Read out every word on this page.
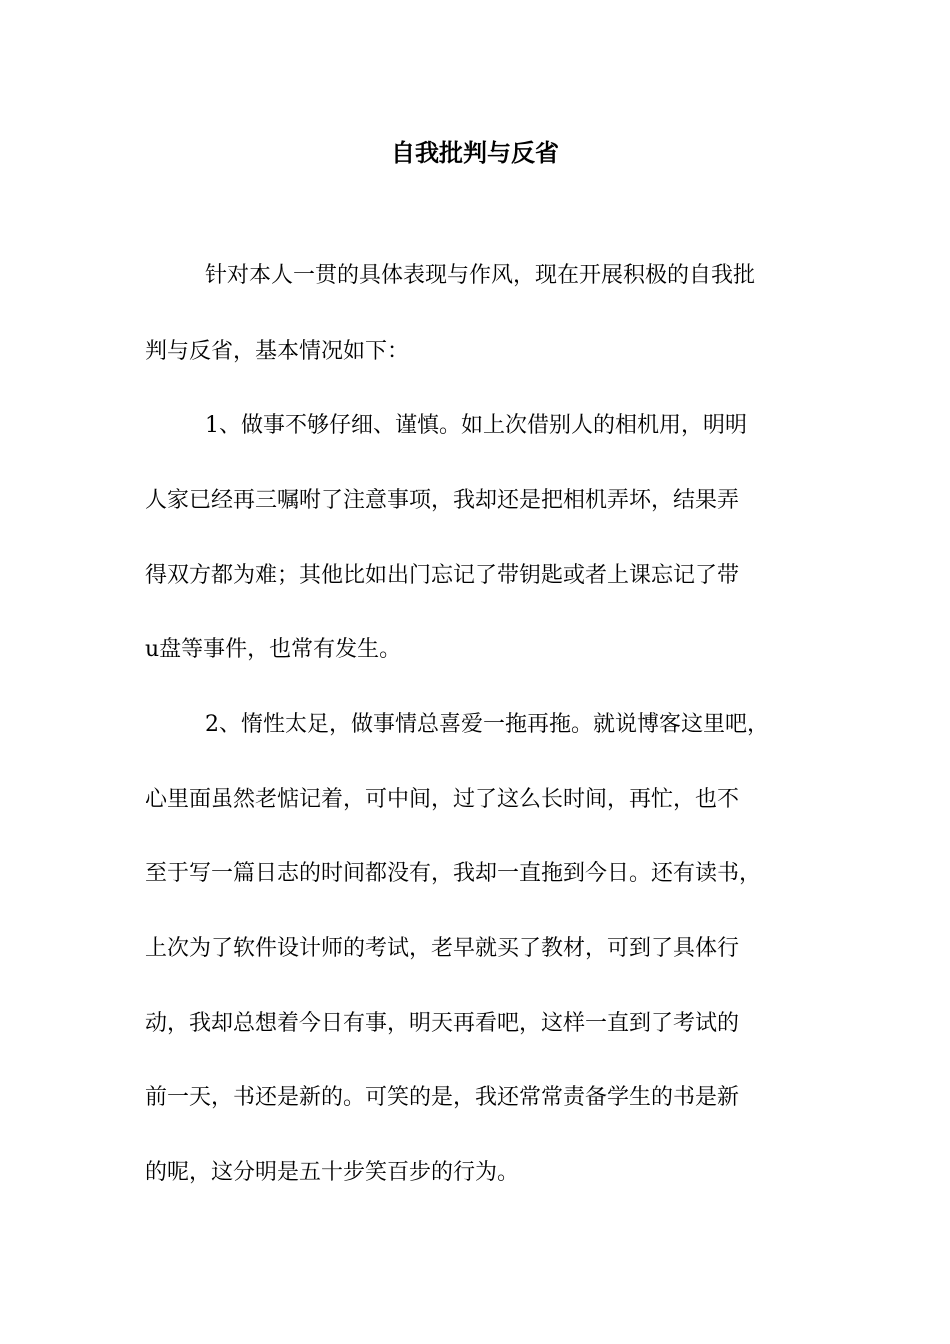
自我批判与反省

针对本人一贯的具体表现与作风，现在开展积极的自我批

判与反省，基本情况如下：

1、做事不够仔细、谨慎。如上次借别人的相机用，明明

人家已经再三嘱咐了注意事项，我却还是把相机弄坏，结果弄

得双方都为难；其他比如出门忘记了带钥匙或者上课忘记了带

u盘等事件，也常有发生。

2、惰性太足，做事情总喜爱一拖再拖。就说博客这里吧，

心里面虽然老惦记着，可中间，过了这么长时间，再忙，也不

至于写一篇日志的时间都没有，我却一直拖到今日。还有读书，

上次为了软件设计师的考试，老早就买了教材，可到了具体行

动，我却总想着今日有事，明天再看吧，这样一直到了考试的

前一天，书还是新的。可笑的是，我还常常责备学生的书是新

的呢，这分明是五十步笑百步的行为。
